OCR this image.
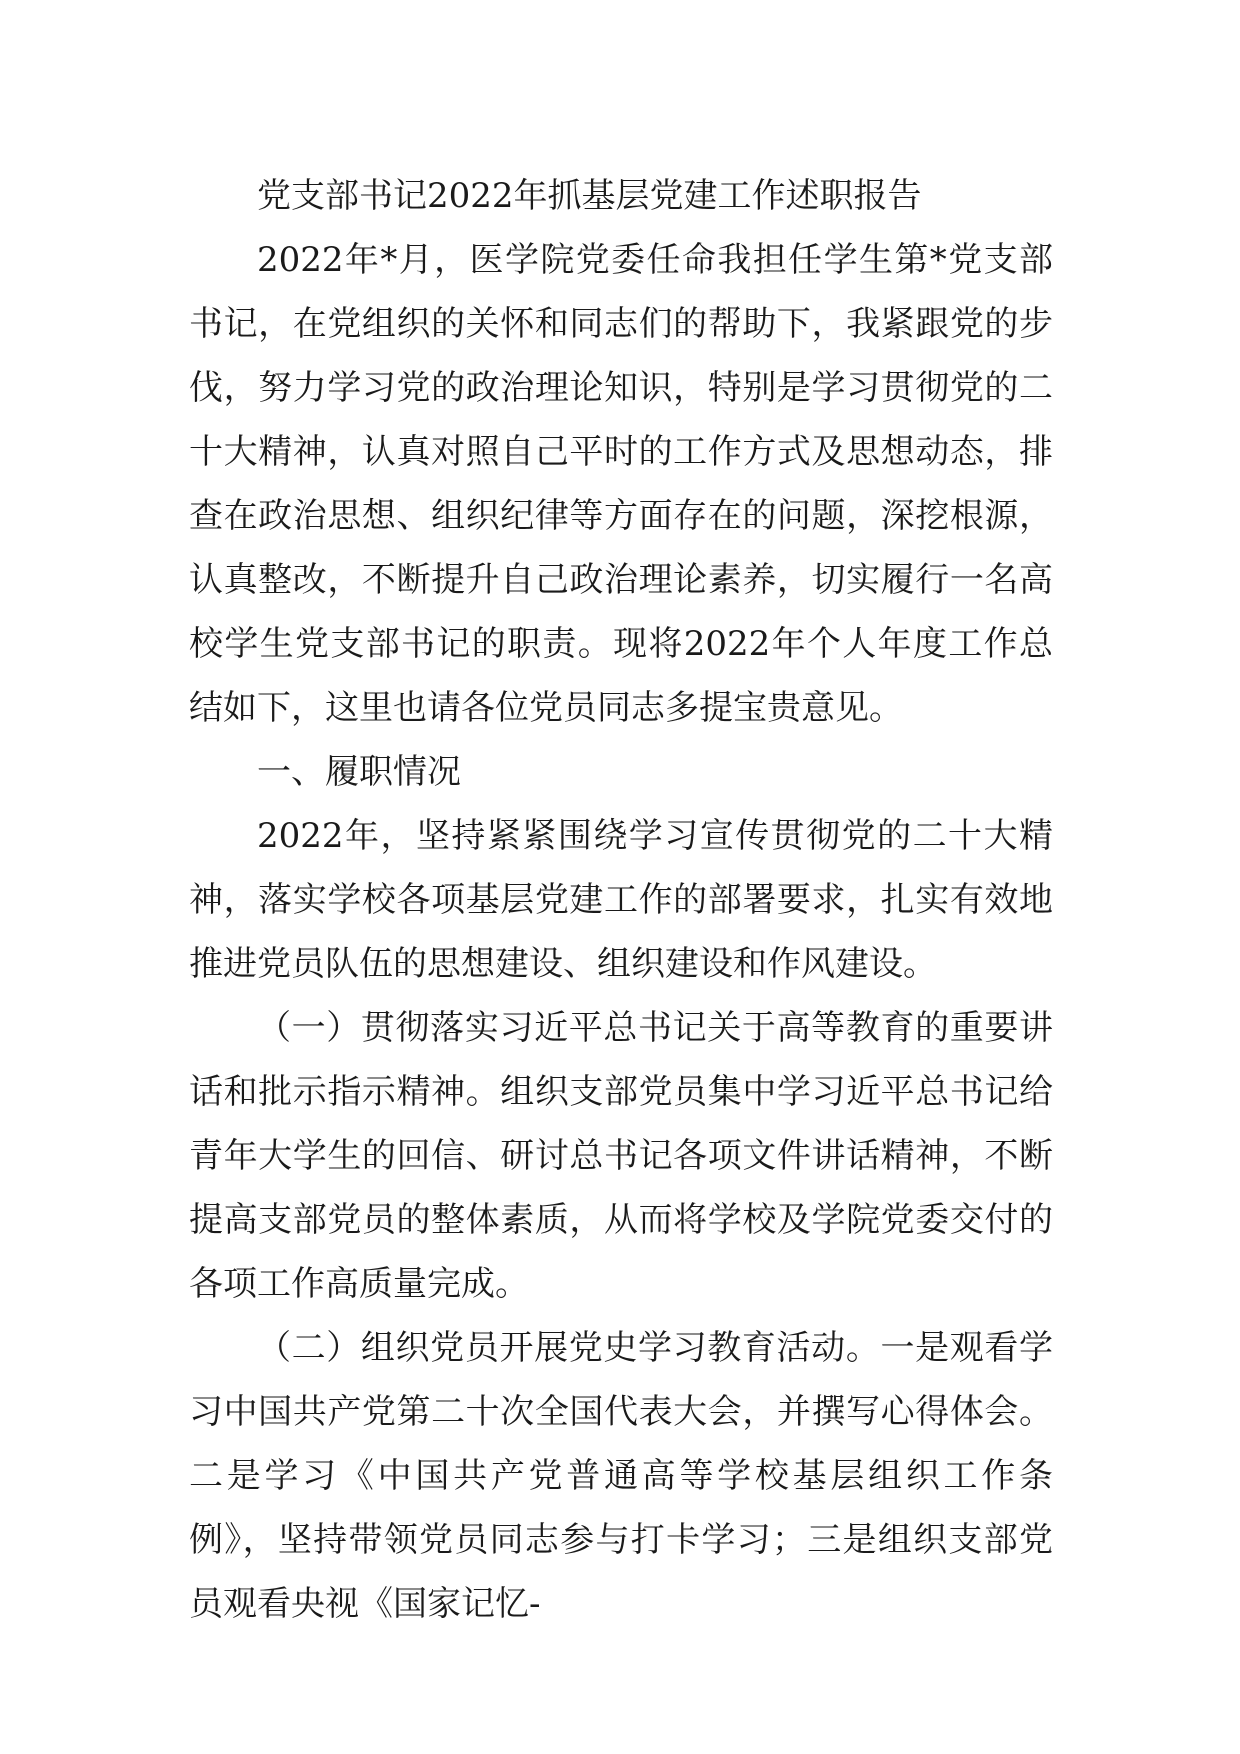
党支部书记2022年抓基层党建工作述职报告

2022年*月，医学院党委任命我担任学生第*党支部书记，在党组织的关怀和同志们的帮助下，我紧跟党的步伐，努力学习党的政治理论知识，特别是学习贯彻党的二十大精神，认真对照自己平时的工作方式及思想动态，排查在政治思想、组织纪律等方面存在的问题，深挖根源，认真整改，不断提升自己政治理论素养，切实履行一名高校学生党支部书记的职责。现将2022年个人年度工作总结如下，这里也请各位党员同志多提宝贵意见。

一、履职情况

2022年，坚持紧紧围绕学习宣传贯彻党的二十大精神，落实学校各项基层党建工作的部署要求，扎实有效地推进党员队伍的思想建设、组织建设和作风建设。

（一）贯彻落实习近平总书记关于高等教育的重要讲话和批示指示精神。组织支部党员集中学习近平总书记给青年大学生的回信、研讨总书记各项文件讲话精神，不断提高支部党员的整体素质，从而将学校及学院党委交付的各项工作高质量完成。

（二）组织党员开展党史学习教育活动。一是观看学习中国共产党第二十次全国代表大会，并撰写心得体会。二是学习《中国共产党普通高等学校基层组织工作条例》，坚持带领党员同志参与打卡学习；三是组织支部党员观看央视《国家记忆-
